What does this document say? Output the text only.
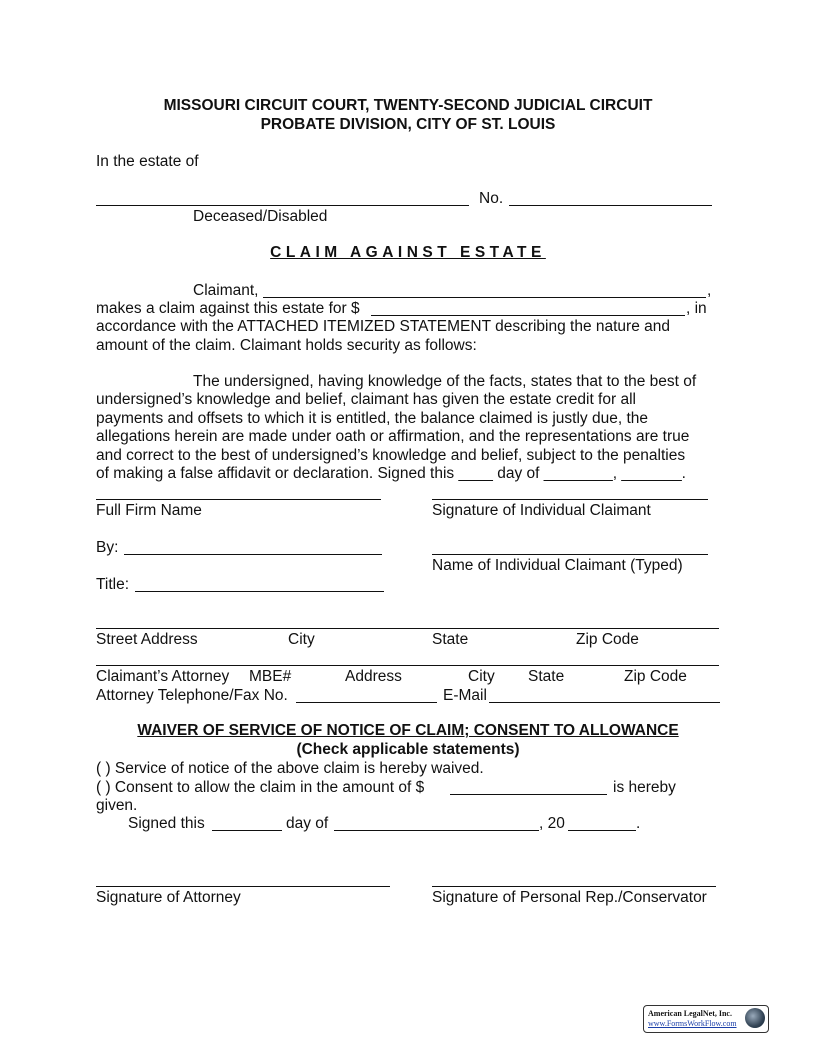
MISSOURI CIRCUIT COURT, TWENTY-SECOND JUDICIAL CIRCUIT
PROBATE DIVISION, CITY OF ST. LOUIS
In the estate of
No.
Deceased/Disabled
CLAIM AGAINST ESTATE
Claimant,	,
makes a claim against this estate for $	, in
accordance with the ATTACHED ITEMIZED STATEMENT describing the nature and
amount of the claim. Claimant holds security as follows:
The undersigned, having knowledge of the facts, states that to the best of
undersigned’s knowledge and belief, claimant has given the estate credit for all
payments and offsets to which it is entitled, the balance claimed is justly due, the
allegations herein are made under oath or affirmation, and the representations are true
and correct to the best of undersigned’s knowledge and belief, subject to the penalties
of making a false affidavit or declaration. Signed this ____ day of ________, _______.
Full Firm Name	Signature of Individual Claimant
By:
Name of Individual Claimant (Typed)
Title:
Street Address	City	State	Zip Code
Claimant’s Attorney MBE#	Address	City State	Zip Code
Attorney Telephone/Fax No.	E-Mail
WAIVER OF SERVICE OF NOTICE OF CLAIM; CONSENT TO ALLOWANCE
(Check applicable statements)
( ) Service of notice of the above claim is hereby waived.
( ) Consent to allow the claim in the amount of $	is hereby
given.
Signed this	day of	, 20	.
Signature of Attorney	Signature of Personal Rep./Conservator
American LegalNet, Inc.
www.FormsWorkFlow.com
